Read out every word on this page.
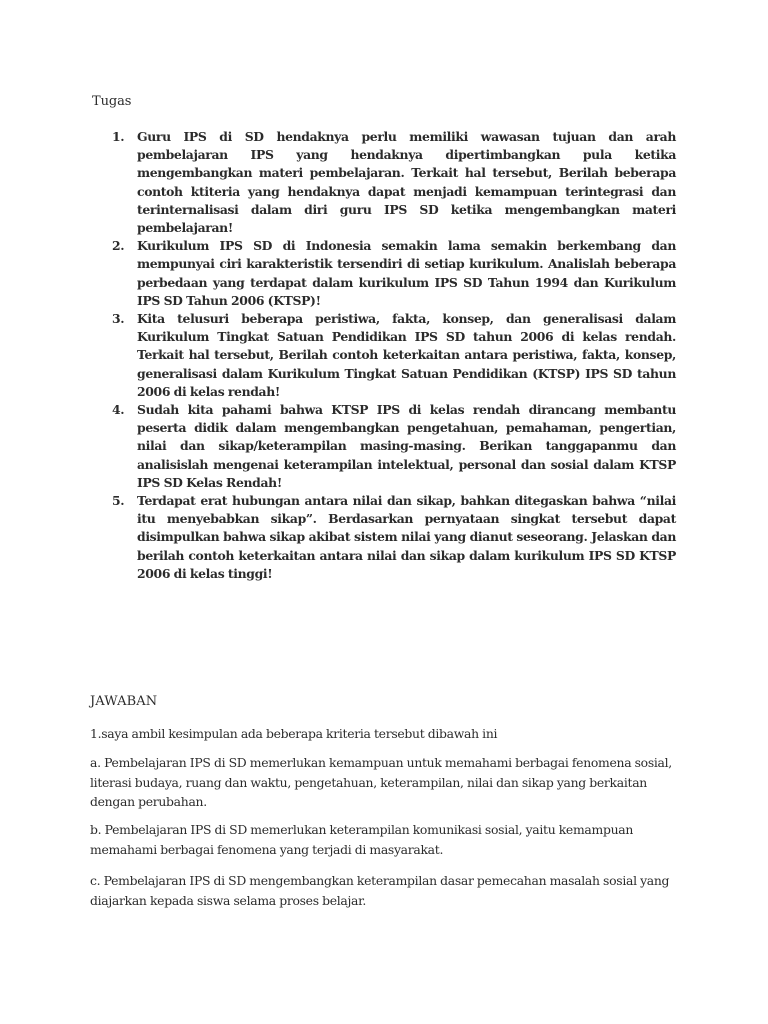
Tugas
1.	Guru IPS di SD hendaknya perlu memiliki wawasan tujuan dan arah pembelajaran IPS yang hendaknya dipertimbangkan pula ketika mengembangkan materi pembelajaran. Terkait hal tersebut, Berilah beberapa contoh ktiteria yang hendaknya dapat menjadi kemampuan terintegrasi dan terinternalisasi dalam diri guru IPS SD ketika mengembangkan materi pembelajaran!
2.	Kurikulum IPS SD di Indonesia semakin lama semakin berkembang dan mempunyai ciri karakteristik tersendiri di setiap kurikulum. Analislah beberapa perbedaan yang terdapat dalam kurikulum IPS SD Tahun 1994 dan Kurikulum IPS SD Tahun 2006 (KTSP)!
3.	Kita telusuri beberapa peristiwa, fakta, konsep, dan generalisasi dalam Kurikulum Tingkat Satuan Pendidikan IPS SD tahun 2006 di kelas rendah. Terkait hal tersebut, Berilah contoh keterkaitan antara peristiwa, fakta, konsep, generalisasi dalam Kurikulum Tingkat Satuan Pendidikan (KTSP) IPS SD tahun 2006 di kelas rendah!
4.	Sudah kita pahami bahwa KTSP IPS di kelas rendah dirancang membantu peserta didik dalam mengembangkan pengetahuan, pemahaman, pengertian, nilai dan sikap/keterampilan masing-masing. Berikan tanggapanmu dan analisislah mengenai keterampilan intelektual, personal dan sosial dalam KTSP IPS SD Kelas Rendah!
5.	Terdapat erat hubungan antara nilai dan sikap, bahkan ditegaskan bahwa “nilai itu menyebabkan sikap”. Berdasarkan pernyataan singkat tersebut dapat disimpulkan bahwa sikap akibat sistem nilai yang dianut seseorang. Jelaskan dan berilah contoh keterkaitan antara nilai dan sikap dalam kurikulum IPS SD KTSP 2006 di kelas tinggi!
JAWABAN

1.saya ambil kesimpulan ada beberapa kriteria tersebut dibawah ini

a. Pembelajaran IPS di SD memerlukan kemampuan untuk memahami berbagai fenomena sosial, literasi budaya, ruang dan waktu, pengetahuan, keterampilan, nilai dan sikap yang berkaitan dengan perubahan.

b. Pembelajaran IPS di SD memerlukan keterampilan komunikasi sosial, yaitu kemampuan memahami berbagai fenomena yang terjadi di masyarakat.

c. Pembelajaran IPS di SD mengembangkan keterampilan dasar pemecahan masalah sosial yang diajarkan kepada siswa selama proses belajar.
